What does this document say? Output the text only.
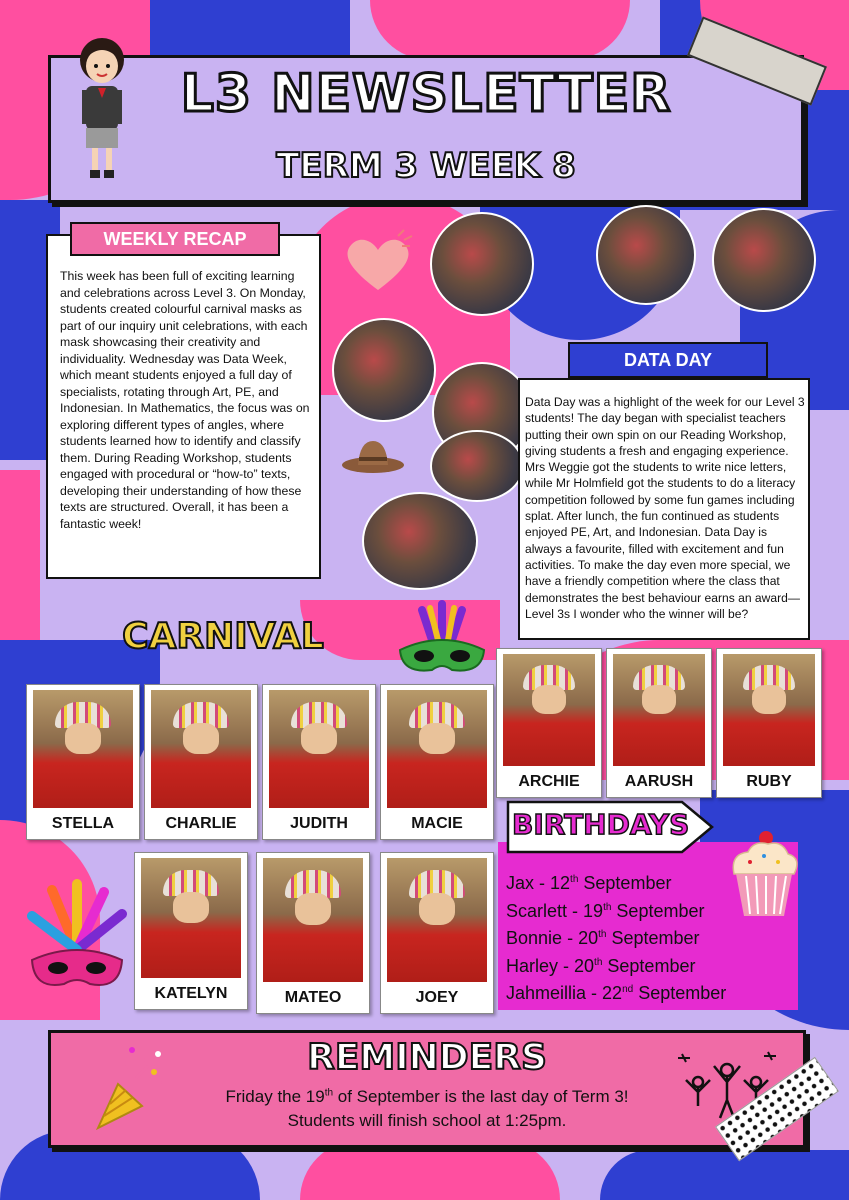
L3 NEWSLETTER
TERM 3 WEEK 8
WEEKLY RECAP
This week has been full of exciting learning and celebrations across Level 3. On Monday, students created colourful carnival masks as part of our inquiry unit celebrations, with each mask showcasing their creativity and individuality. Wednesday was Data Week, which meant students enjoyed a full day of specialists, rotating through Art, PE, and Indonesian. In Mathematics, the focus was on exploring different types of angles, where students learned how to identify and classify them. During Reading Workshop, students engaged with procedural or “how-to” texts, developing their understanding of how these texts are structured. Overall, it has been a fantastic week!
DATA DAY
Data Day was a highlight of the week for our Level 3 students! The day began with specialist teachers putting their own spin on our Reading Workshop, giving students a fresh and engaging experience. Mrs Weggie got the students to write nice letters, while Mr Holmfield got the students to do a literacy competition followed by some fun games including splat. After lunch, the fun continued as students enjoyed PE, Art, and Indonesian. Data Day is always a favourite, filled with excitement and fun activities. To make the day even more special, we have a friendly competition where the class that demonstrates the best behaviour earns an award—Level 3s I wonder who the winner will be?
CARNIVAL
STELLA	CHARLIE	JUDITH	MACIE
ARCHIE	AARUSH	RUBY
KATELYN	MATEO	JOEY
BIRTHDAYS
Jax - 12th September
Scarlett - 19th September
Bonnie - 20th September
Harley - 20th September
Jahmeillia - 22nd September
REMINDERS
Friday the 19th of September is the last day of Term 3!
Students will finish school at 1:25pm.
